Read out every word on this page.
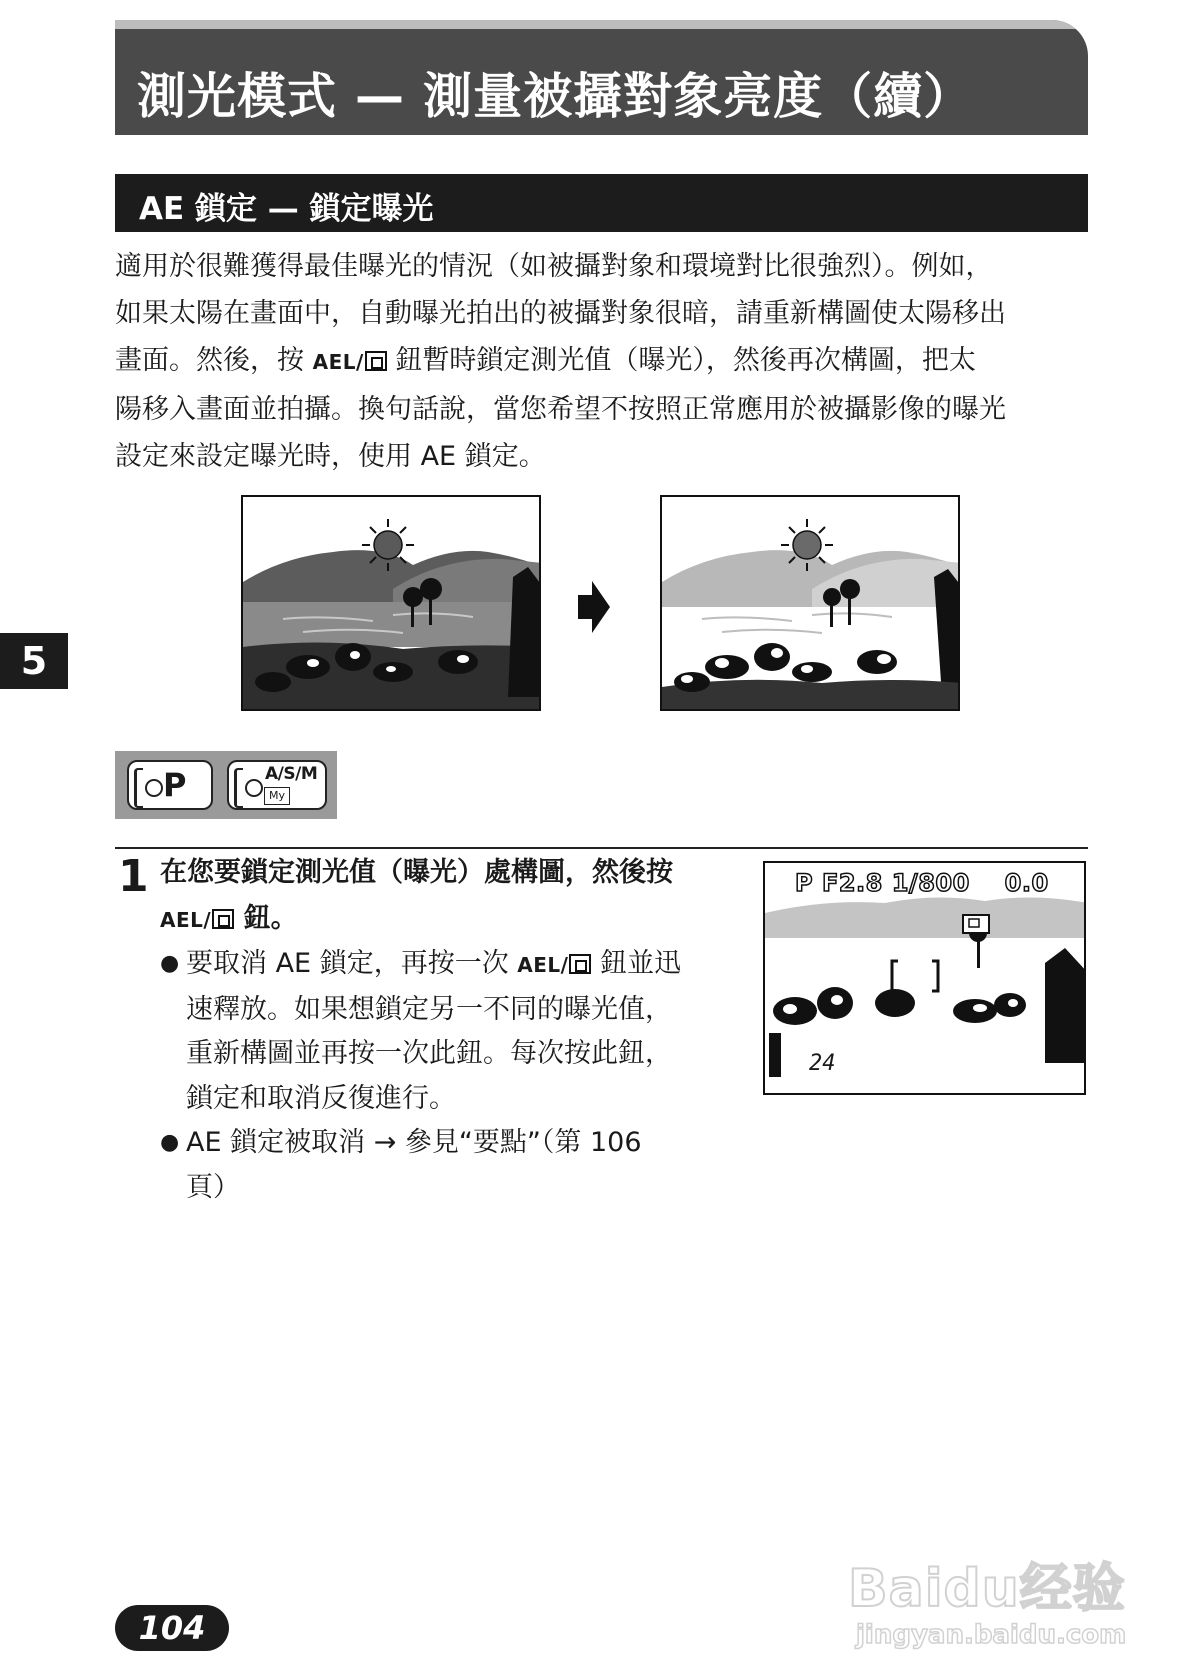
測光模式 — 測量被攝對象亮度（續）
AE 鎖定 — 鎖定曝光

適用於很難獲得最佳曝光的情況（如被攝對象和環境對比很強烈）。例如，

如果太陽在畫面中，自動曝光拍出的被攝對象很暗，請重新構圖使太陽移出

畫面。然後，按 AEL/ 鈕暫時鎖定測光值（曝光），然後再次構圖，把太

陽移入畫面並拍攝。換句話說，當您希望不按照正常應用於被攝影像的曝光

設定來設定曝光時，使用 AE 鎖定。

5
P	A/S/M
My
1 在您要鎖定測光值（曝光）處構圖，然後按

AEL/ 鈕。

● 要取消 AE 鎖定，再按一次 AEL/ 鈕並迅
速釋放。如果想鎖定另一不同的曝光值，
重新構圖並再按一次此鈕。每次按此鈕，
鎖定和取消反復進行。
● AE 鎖定被取消 → 參見“要點”（第 106
頁）
P F2.8 1/800 0.0
24
104
Baidu经验
jingyan.baidu.com
